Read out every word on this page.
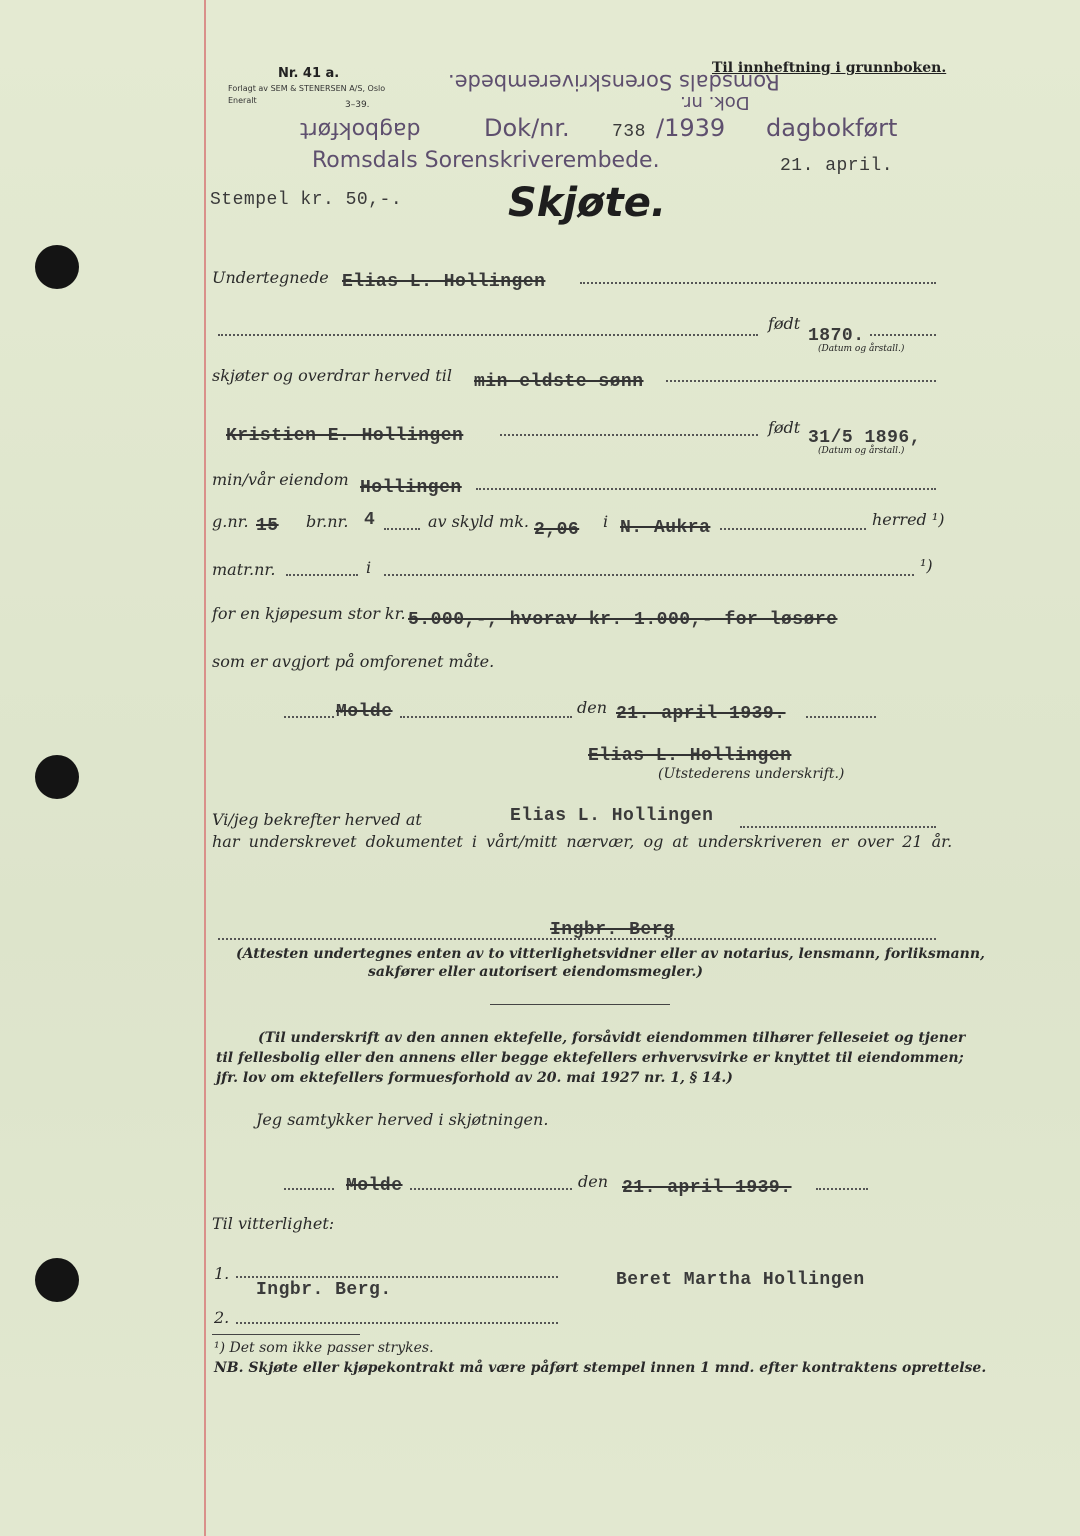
Nr. 41 a.
Forlagt av SEM & STENERSEN A/S, Oslo
Eneralt	3–39.
Til innheftning i grunnboken.
Romsdals Sorenskriverembede.
Dok. nr.
dagbokført	Dok/nr. 738 /1939 dagbokført
Romsdals Sorenskriverembede.	21. april.
Stempel kr. 50,-.	Skjøte.
Undertegnede Elias L. Hollingen
født
1870.
(Datum og årstall.)
skjøter og overdrar herved til min eldste sønn
Kristien E. Hollingen	født
31/5 1896,
(Datum og årstall.)
min/vår eiendom Hollingen
g.nr. 15 br.nr. 4	av skyld mk. 2,06 i N. Aukra	herred ¹)
matr.nr.	i	¹)
for en kjøpesum stor kr. 5.000,-, hvorav kr. 1.000,- for løsøre
som er avgjort på omforenet måte.
Molde	den 21. april 1939.
Elias L. Hollingen
(Utstederens underskrift.)
Vi/jeg bekrefter herved at	Elias L. Hollingen
har underskrevet dokumentet i vårt/mitt nærvær, og at underskriveren er over 21 år.
Ingbr. Berg
(Attesten undertegnes enten av to vitterlighetsvidner eller av notarius, lensmann, forliksmann,
sakfører eller autorisert eiendomsmegler.)
(Til underskrift av den annen ektefelle, forsåvidt eiendommen tilhører felleseiet og tjener
til fellesbolig eller den annens eller begge ektefellers erhvervsvirke er knyttet til eiendommen;
jfr. lov om ektefellers formuesforhold av 20. mai 1927 nr. 1, § 14.)
Jeg samtykker herved i skjøtningen.
Molde	den 21. april 1939.
Til vitterlighet:
1.
Ingbr. Berg.	Beret Martha Hollingen
2.
¹) Det som ikke passer strykes.
NB. Skjøte eller kjøpekontrakt må være påført stempel innen 1 mnd. efter kontraktens oprettelse.
